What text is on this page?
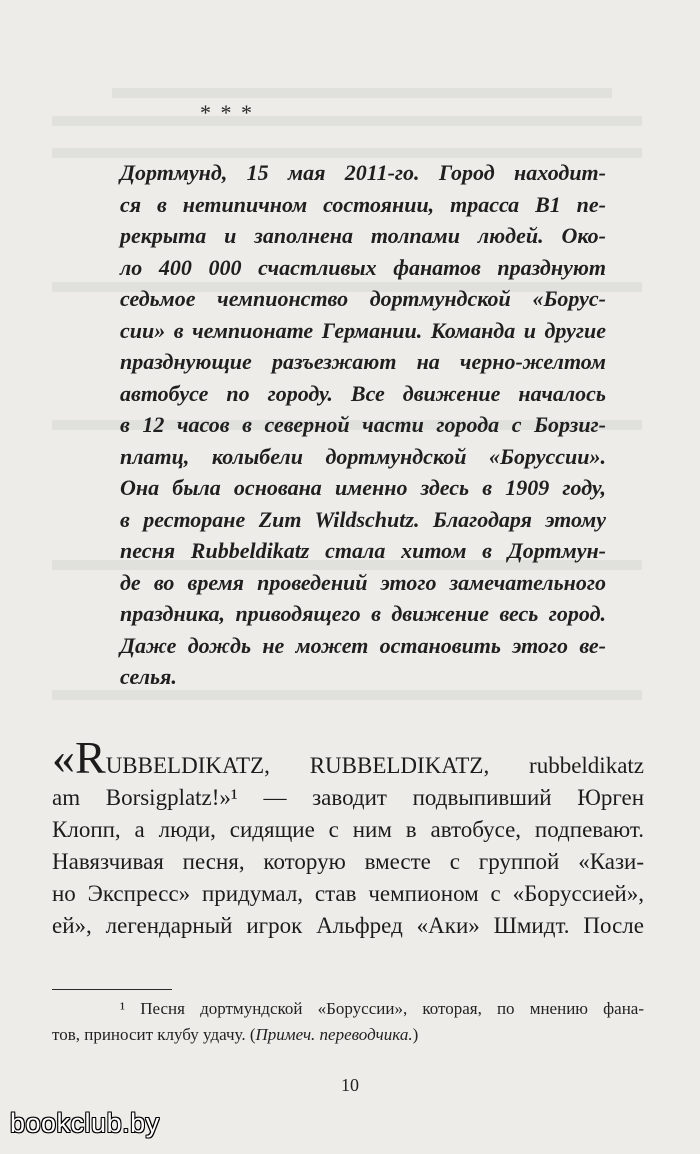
* * *
Дортмунд, 15 мая 2011-го. Город находит-
ся в нетипичном состоянии, трасса B1 пе-
рекрыта и заполнена толпами людей. Око-
ло 400 000 счастливых фанатов празднуют
седьмое чемпионство дортмундской «Борус-
сии» в чемпионате Германии. Команда и другие
празднующие разъезжают на черно-желтом
автобусе по городу. Все движение началось
в 12 часов в северной части города с Борзиг-
платц, колыбели дортмундской «Боруссии».
Она была основана именно здесь в 1909 году,
в ресторане Zum Wildschutz. Благодаря этому
песня Rubbeldikatz стала хитом в Дортмун-
де во время проведений этого замечательного
праздника, приводящего в движение весь город.
Даже дождь не может остановить этого ве-
селья.
«RUBBELDIKATZ, RUBBELDIKATZ, rubbeldikatz
am Borsigplatz!»¹ — заводит подвыпивший Юрген
Клопп, а люди, сидящие с ним в автобусе, подпевают.
Навязчивая песня, которую вместе с группой «Кази-
но Экспресс» придумал, став чемпионом с «Боруссией»,
ей», легендарный игрок Альфред «Аки» Шмидт. После
¹ Песня дортмундской «Боруссии», которая, по мнению фана-
тов, приносит клубу удачу. (Примеч. переводчика.)
10
bookclub.by
